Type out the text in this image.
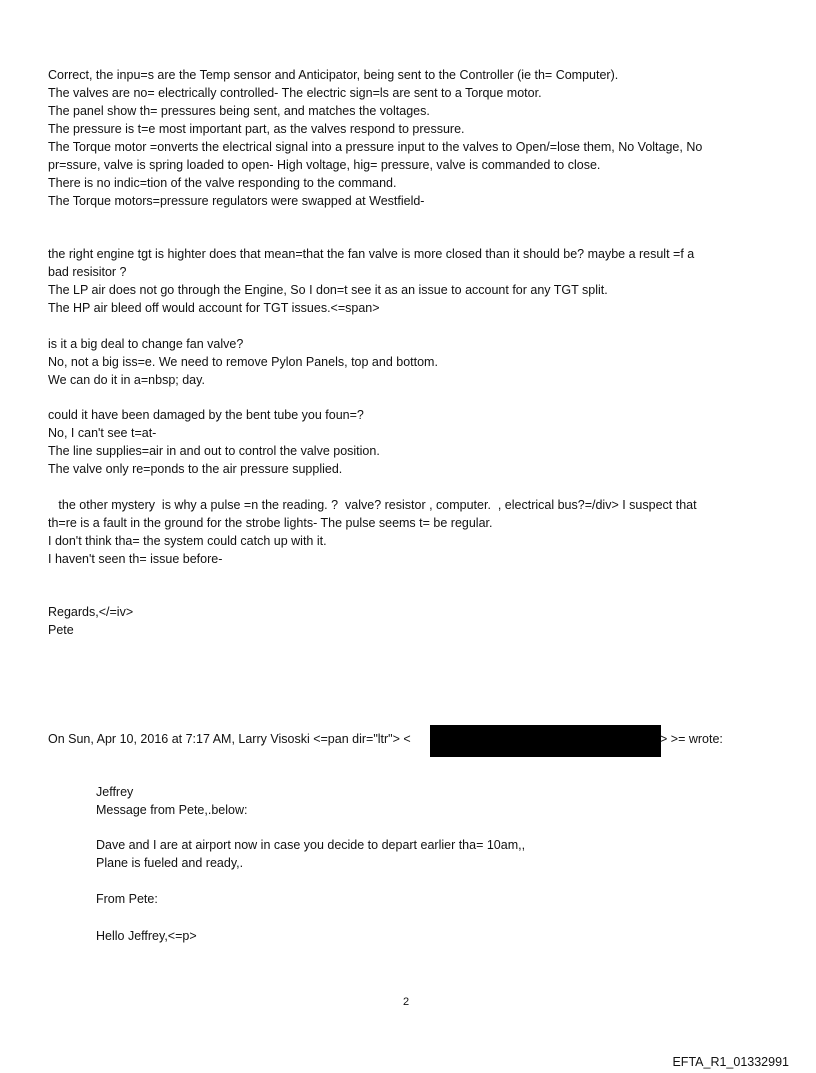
Correct, the inpu=s are the Temp sensor and Anticipator, being sent to the Controller (ie th= Computer).
The valves are no= electrically controlled- The electric sign=ls are sent to a Torque motor.
The panel show th= pressures being sent, and matches the voltages.
The pressure is t=e most important part, as the valves respond to pressure.
The Torque motor =onverts the electrical signal into a pressure input to the valves to Open/=lose them, No Voltage, No
pr=ssure, valve is spring loaded to open- High voltage, hig= pressure, valve is commanded to close.
There is no indic=tion of the valve responding to the command.
The Torque motors=pressure regulators were swapped at Westfield-
the right engine tgt is highter does that mean=that the fan valve is more closed than it should be? maybe a result =f a
bad resisitor ?
The LP air does not go through the Engine, So I don=t see it as an issue to account for any TGT split.
The HP air bleed off would account for TGT issues.<=span>
is it a big deal to change fan valve?
No, not a big iss=e. We need to remove Pylon Panels, top and bottom.
We can do it in a=nbsp; day.
could it have been damaged by the bent tube you foun=?
No, I can't see t=at-
The line supplies=air in and out to control the valve position.
The valve only re=ponds to the air pressure supplied.
the other mystery  is why a pulse =n the reading. ?  valve? resistor , computer.  , electrical bus?=/div> I suspect that
th=re is a fault in the ground for the strobe lights- The pulse seems t= be regular.
I don't think tha= the system could catch up with it.
I haven't seen th= issue before-
Regards,</=iv>
Pete
On Sun, Apr 10, 2016 at 7:17 AM, Larry Visoski <=pan dir="ltr"> <	> >= wrote:
Jeffrey
Message from Pete,.below:
Dave and I are at airport now in case you decide to depart earlier tha= 10am,,
Plane is fueled and ready,.
From Pete:
Hello Jeffrey,<=p>
2
EFTA_R1_01332991
